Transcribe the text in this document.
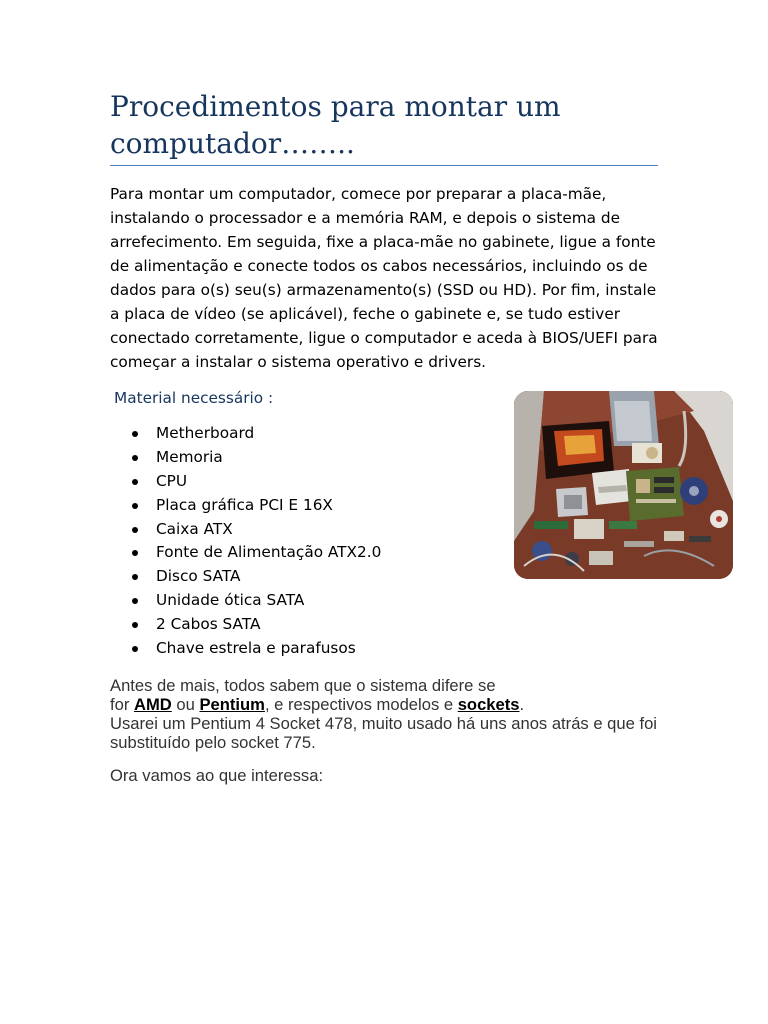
Procedimentos para montar um computador……..

Para montar um computador, comece por preparar a placa-mãe, instalando o processador e a memória RAM, e depois o sistema de arrefecimento. Em seguida, fixe a placa-mãe no gabinete, ligue a fonte de alimentação e conecte todos os cabos necessários, incluindo os de dados para o(s) seu(s) armazenamento(s) (SSD ou HD). Por fim, instale a placa de vídeo (se aplicável), feche o gabinete e, se tudo estiver conectado corretamente, ligue o computador e aceda à BIOS/UEFI para começar a instalar o sistema operativo e drivers.

Material necessário :
Metherboard
Memoria
CPU
Placa gráfica PCI E 16X
Caixa ATX
Fonte de Alimentação ATX2.0
Disco SATA
Unidade ótica SATA
2 Cabos SATA
Chave estrela e parafusos

Antes de mais, todos sabem que o sistema difere se
for AMD ou Pentium, e respectivos modelos e sockets.
Usarei um Pentium 4 Socket 478, muito usado há uns anos atrás e que foi substituído pelo socket 775.

Ora vamos ao que interessa:
